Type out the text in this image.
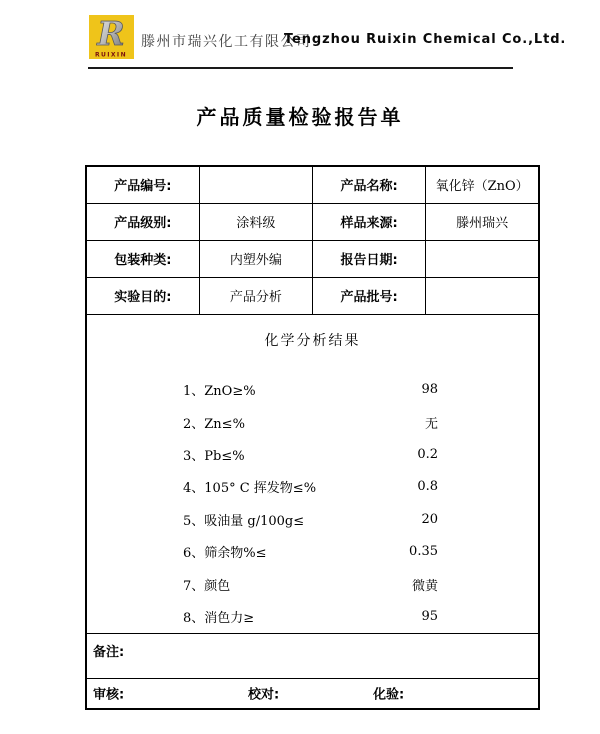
R
RUIXIN
滕州市瑞兴化工有限公司
Tengzhou Ruixin Chemical Co.,Ltd.
产品质量检验报告单
产品编号:		产品名称:	氧化锌（ZnO）
产品级别:	涂料级	样品来源:	滕州瑞兴
包装种类:	内塑外编	报告日期:	
实验目的:	产品分析	产品批号:	

化学分析结果
1、ZnO≥%	98
2、Zn≤%	无
3、Pb≤%	0.2
4、105° C 挥发物≤%	0.8
5、吸油量 g/100g≤	20
6、筛余物%≤	0.35
7、颜色	微黄
8、消色力≥	95

备注:			

审核: 校对: 化验:			
